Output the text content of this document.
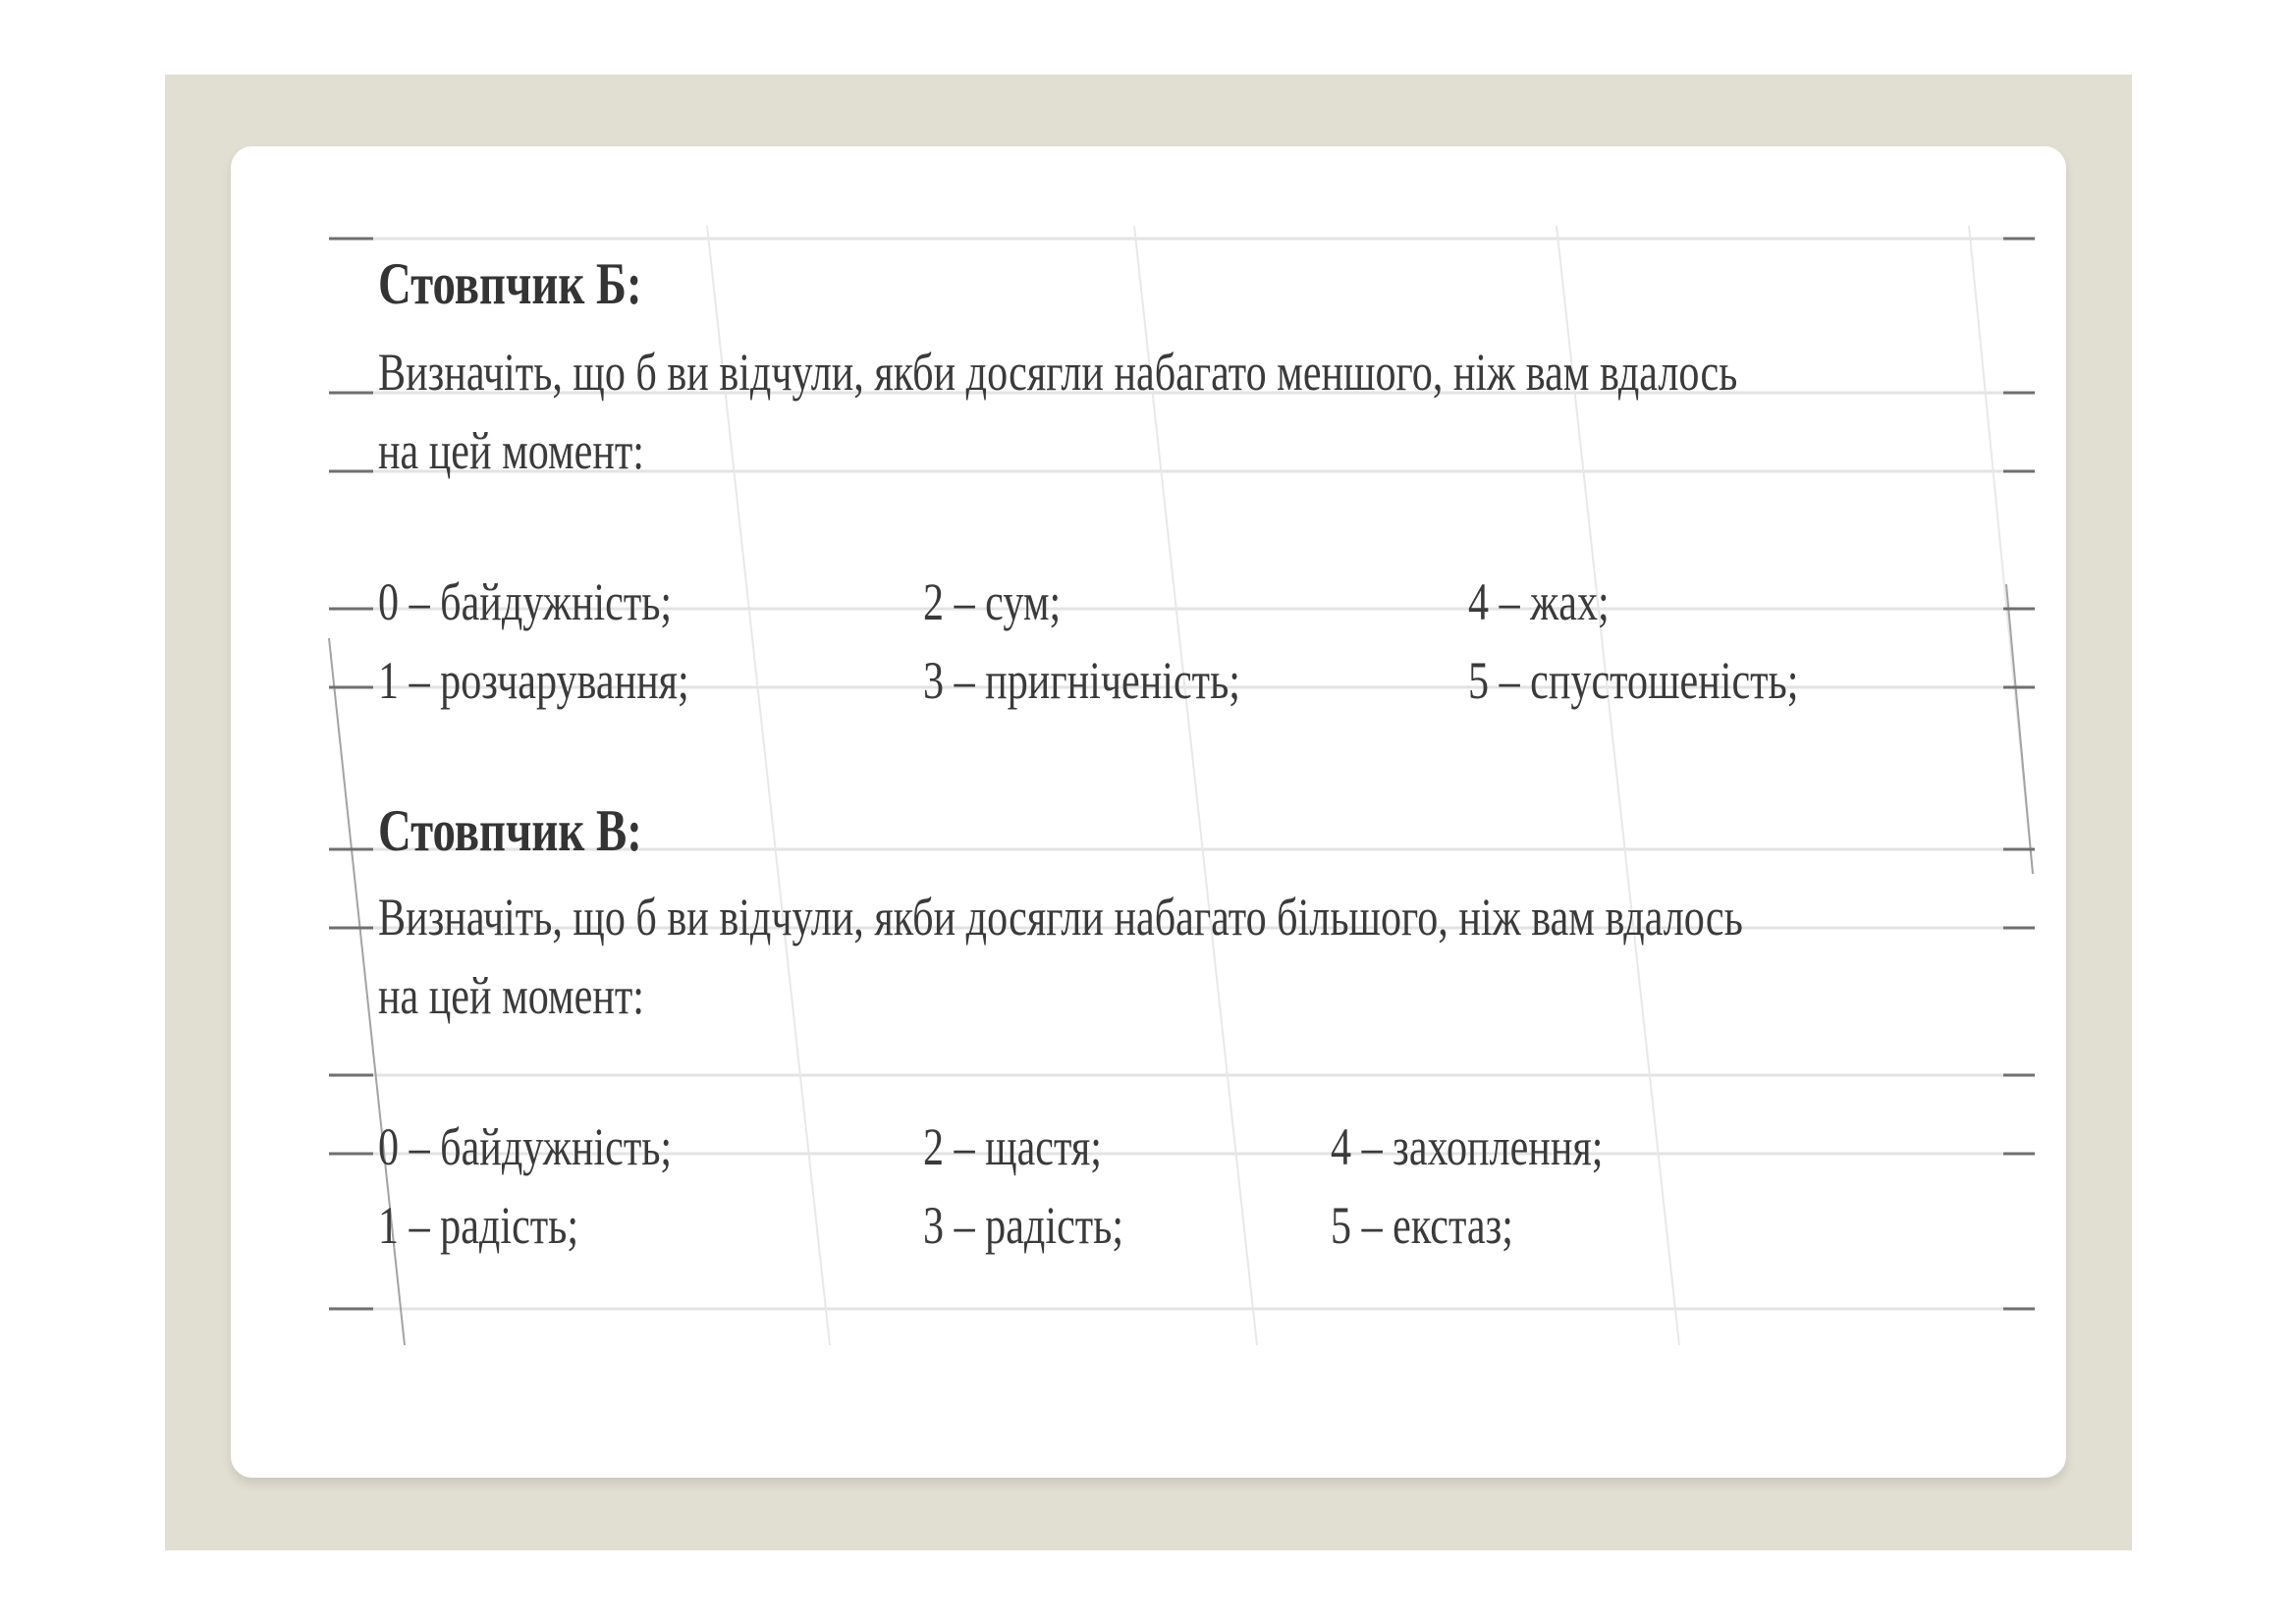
Стовпчик Б:
Визначіть, що б ви відчули, якби досягли набагато меншого, ніж вам вдалось
на цей момент:
0 – байдужність;
1 – розчарування;
2 – сум;
3 – пригніченість;
4 – жах;
5 – спустошеність;
Стовпчик В:
Визначіть, що б ви відчули, якби досягли набагато більшого, ніж вам вдалось
на цей момент:
0 – байдужність;
1 – радість;
2 – щастя;
3 – радість;
4 – захоплення;
5 – екстаз;
